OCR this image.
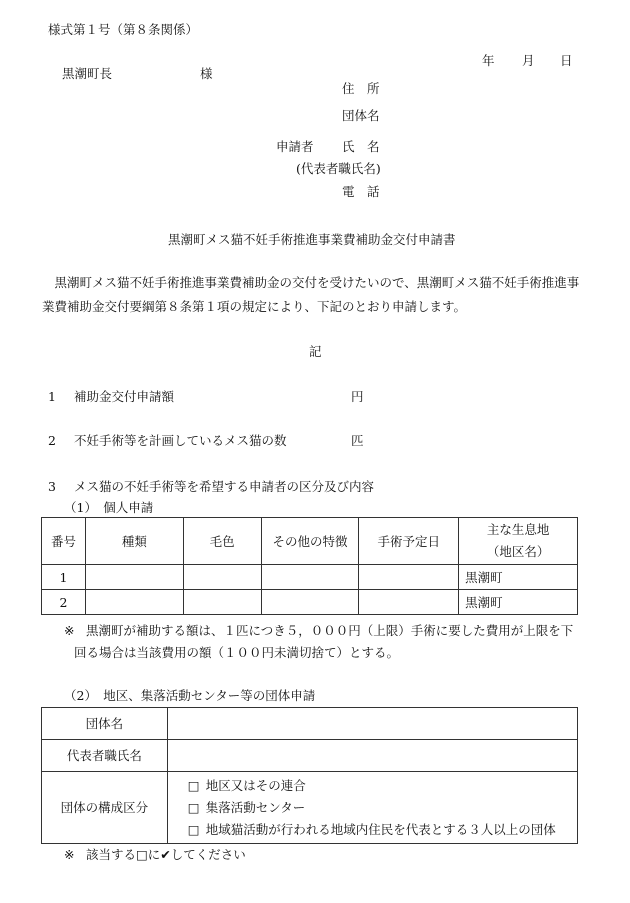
様式第１号（第８条関係）
年 月 日
黒潮町長	様
住　所
団体名
申請者 氏　名
(代表者職氏名)
電　話
黒潮町メス猫不妊手術推進事業費補助金交付申請書
黒潮町メス猫不妊手術推進事業費補助金の交付を受けたいので、黒潮町メス猫不妊手術推進事業費補助金交付要綱第８条第１項の規定により、下記のとおり申請します。
記
1 補助金交付申請額	円
2 不妊手術等を計画しているメス猫の数	匹
3 メス猫の不妊手術等を希望する申請者の区分及び内容
（1）　個人申請
番号	種類	毛色	その他の特徴	手術予定日	主な生息地
（地区名）
1					黒潮町
2					黒潮町
※ 黒潮町が補助する額は、１匹につき５，０００円（上限）手術に要した費用が上限を下
回る場合は当該費用の額（１００円未満切捨て）とする。
（2）　地区、集落活動センター等の団体申請
団体名	
代表者職氏名	
団体の構成区分	□ 地区又はその連合
□ 集落活動センター
□ 地域猫活動が行われる地域内住民を代表とする３人以上の団体
※ 該当する□に✔してください
